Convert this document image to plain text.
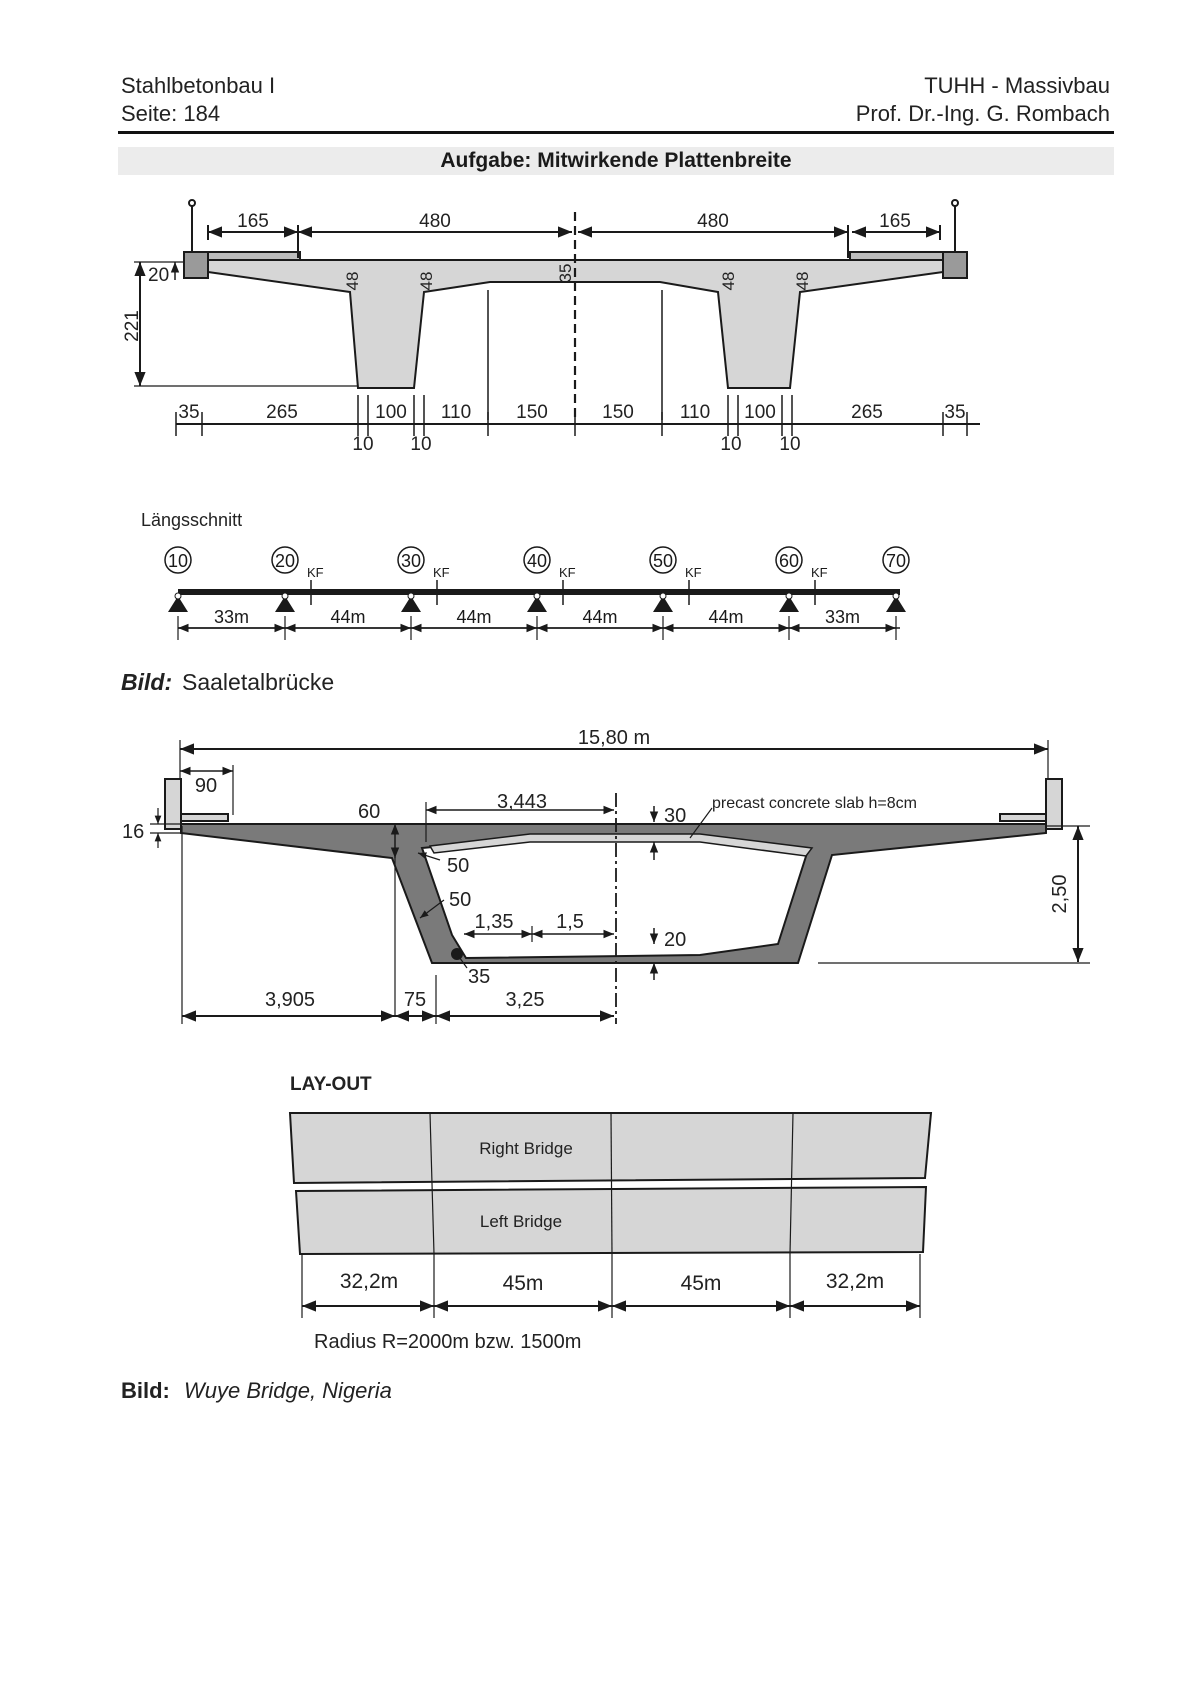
Stahlbetonbau I
Seite: 184
TUHH - Massivbau
Prof. Dr.-Ing. G. Rombach
Aufgabe: Mitwirkende Plattenbreite
165	480	480	165
20
221
48	48	35	48	48
35	265	100 110 150	150 110 100	265	35
10 10	10 10
Längsschnitt
10	20
KF
30
KF
40
KF
50
KF
60
KF
70
33m	44m	44m	44m	44m	33m
Bild: Saaletalbrücke
15,80 m
90
16
60	3,443
30
precast concrete slab h=8cm
50
50
1,35 1,5
20
35
2,50
3,905	75	3,25
LAY-OUT
Right Bridge
Left Bridge
32,2m	45m	45m	32,2m
Radius R=2000m bzw. 1500m
Bild: Wuye Bridge, Nigeria
